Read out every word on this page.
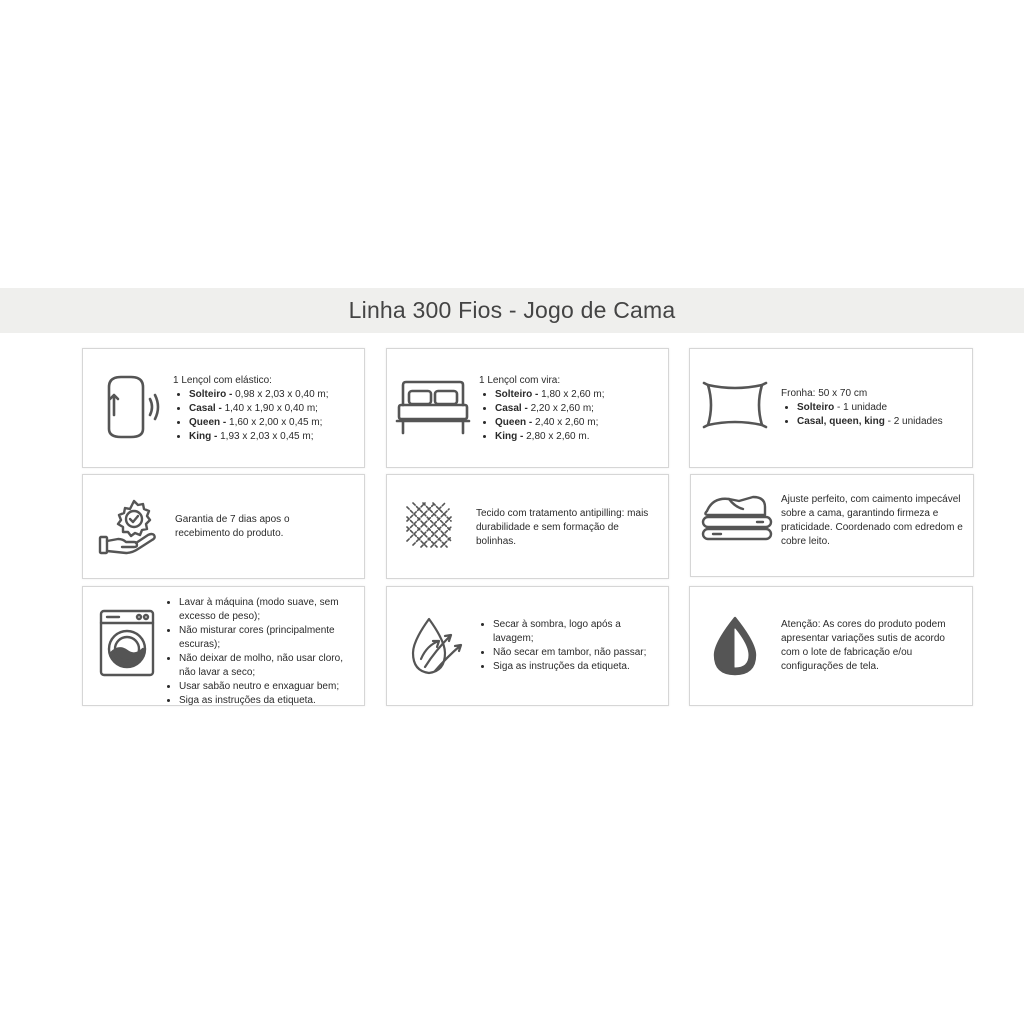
Linha 300 Fios - Jogo de Cama

1 Lençol com elástico:

• Solteiro - 0,98 x 2,03 x 0,40 m;
• Casal - 1,40 x 1,90 x 0,40 m;
• Queen - 1,60 x 2,00 x 0,45 m;
• King - 1,93 x 2,03 x 0,45 m;

1 Lençol com vira:

• Solteiro - 1,80 x 2,60 m;
• Casal - 2,20 x 2,60 m;
• Queen - 2,40 x 2,60 m;
• King - 2,80 x 2,60 m.

Fronha: 50 x 70 cm

• Solteiro - 1 unidade
• Casal, queen, king - 2 unidades
Garantia de 7 dias apos o recebimento do produto.
Tecido com tratamento antipilling: mais durabilidade e sem formação de bolinhas.
Ajuste perfeito, com caimento impecável sobre a cama, garantindo firmeza e praticidade. Coordenado com edredom e cobre leito.
• Lavar à máquina (modo suave, sem excesso de peso);
• Não misturar cores (principalmente escuras);
• Não deixar de molho, não usar cloro, não lavar a seco;
• Usar sabão neutro e enxaguar bem;
• Siga as instruções da etiqueta.
• Secar à sombra, logo após a lavagem;
• Não secar em tambor, não passar;
• Siga as instruções da etiqueta.
Atenção: As cores do produto podem apresentar variações sutis de acordo com o lote de fabricação e/ou configurações de tela.
